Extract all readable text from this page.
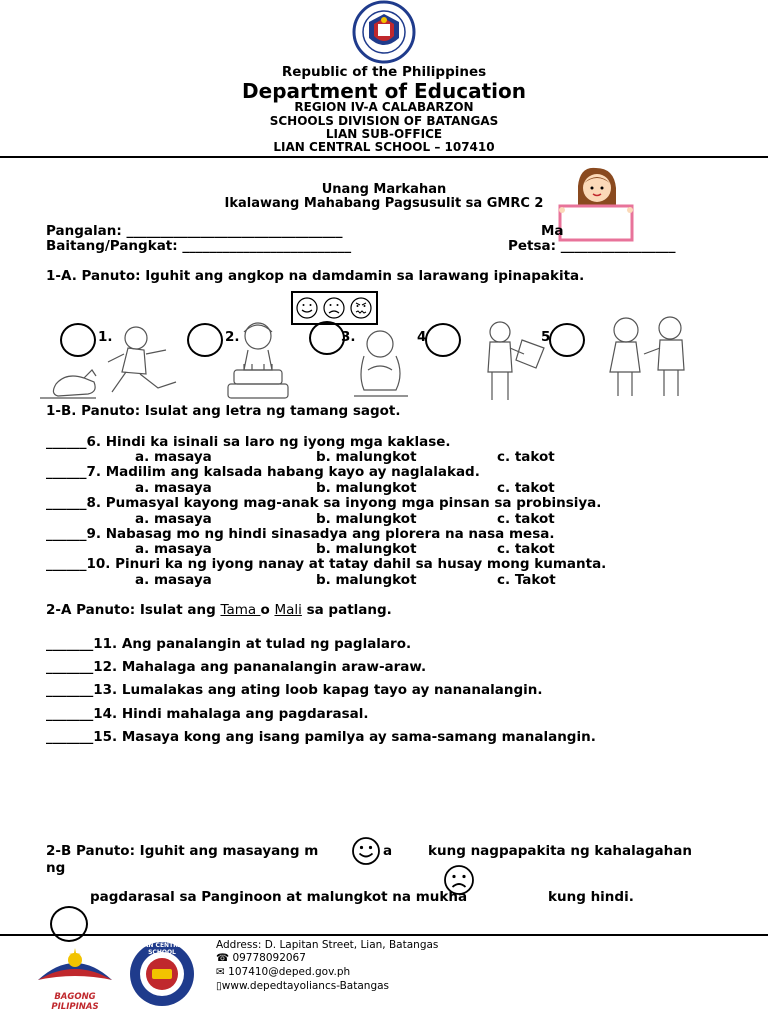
Republic of the Philippines
Department of Education
REGION IV-A CALABARZON
SCHOOLS DIVISION OF BATANGAS
LIAN SUB-OFFICE
LIAN CENTRAL SCHOOL – 107410
Unang Markahan
Ikalawang Mahabang Pagsusulit sa GMRC 2
Pangalan: ________________________________	Ma
Baitang/Pangkat: _________________________	Petsa: _________________
1-A. Panuto: Iguhit ang angkop na damdamin sa larawang ipinapakita.
1.	2.	3.	4	5
1-B. Panuto: Isulat ang letra ng tamang sagot.
______6. Hindi ka isinali sa laro ng iyong mga kaklase.
a. masaya	b. malungkot	c. takot
______7. Madilim ang kalsada habang kayo ay naglalakad.
a. masaya	b. malungkot	c. takot
______8. Pumasyal kayong mag-anak sa inyong mga pinsan sa probinsiya.
a. masaya	b. malungkot	c. takot
______9. Nabasag mo ng hindi sinasadya ang plorera na nasa mesa.
a. masaya	b. malungkot	c. takot
______10. Pinuri ka ng iyong nanay at tatay dahil sa husay mong kumanta.
a. masaya	b. malungkot	c. Takot
2-A Panuto: Isulat ang Tama o Mali sa patlang.
_______11. Ang panalangin at tulad ng paglalaro.
_______12. Mahalaga ang pananalangin araw-araw.
_______13. Lumalakas ang ating loob kapag tayo ay nananalangin.
_______14. Hindi mahalaga ang pagdarasal.
_______15. Masaya kong ang isang pamilya ay sama-samang manalangin.
2-B Panuto: Iguhit ang masayang m	a	kung nagpapakita ng kahalagahan
ng
pagdarasal sa Panginoon at malungkot na mukha	kung hindi.
BAGONG PILIPINAS
LIAN CENTRAL SCHOOL
Address: D. Lapitan Street, Lian, Batangas
☎ 09778092067
✉ 107410@deped.gov.ph
▯www.depedtayoliancs-Batangas
